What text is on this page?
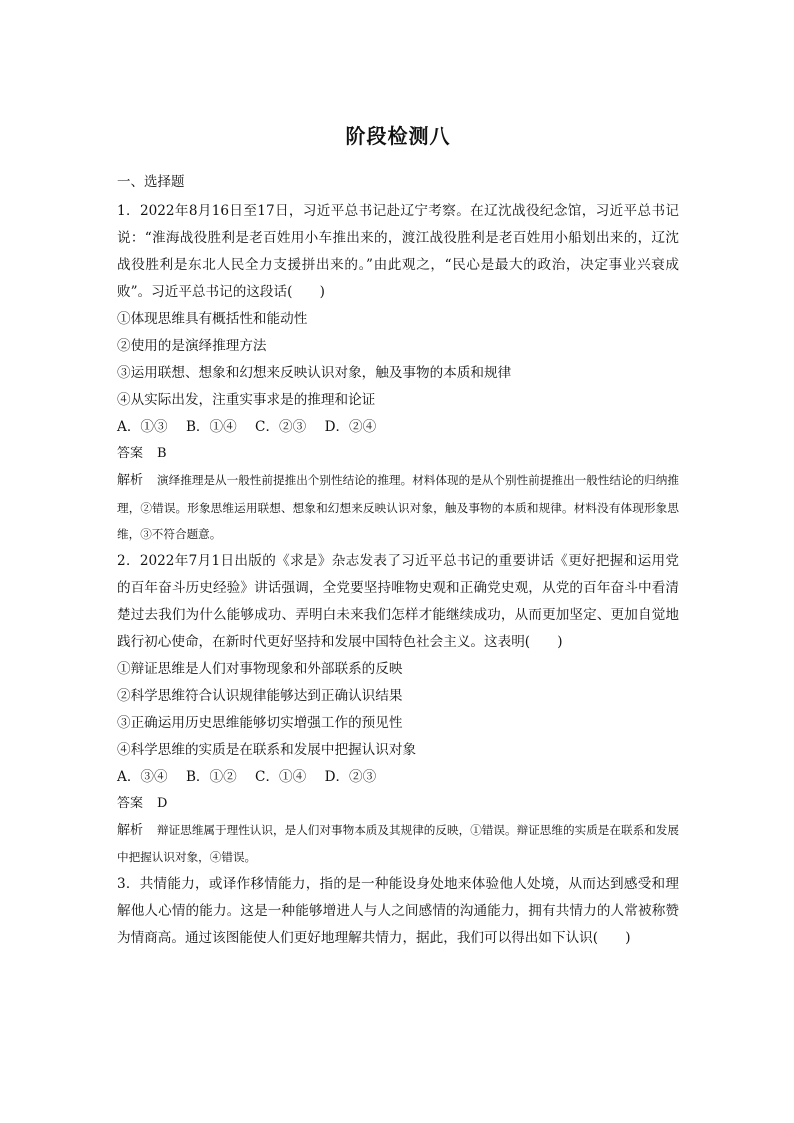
阶段检测八
一、选择题

1．2022年8月16日至17日，习近平总书记赴辽宁考察。在辽沈战役纪念馆，习近平总书记说：“淮海战役胜利是老百姓用小车推出来的，渡江战役胜利是老百姓用小船划出来的，辽沈战役胜利是东北人民全力支援拼出来的。”由此观之，“民心是最大的政治，决定事业兴衰成败”。习近平总书记的这段话(　　)

①体现思维具有概括性和能动性

②使用的是演绎推理方法

③运用联想、想象和幻想来反映认识对象，触及事物的本质和规律

④从实际出发，注重实事求是的推理和论证

A．①③ B．①④ C．②③ D．②④

答案 B

解析 演绎推理是从一般性前提推出个别性结论的推理。材料体现的是从个别性前提推出一般性结论的归纳推理，②错误。形象思维运用联想、想象和幻想来反映认识对象，触及事物的本质和规律。材料没有体现形象思维，③不符合题意。

2．2022年7月1日出版的《求是》杂志发表了习近平总书记的重要讲话《更好把握和运用党的百年奋斗历史经验》讲话强调，全党要坚持唯物史观和正确党史观，从党的百年奋斗中看清楚过去我们为什么能够成功、弄明白未来我们怎样才能继续成功，从而更加坚定、更加自觉地践行初心使命，在新时代更好坚持和发展中国特色社会主义。这表明(　　)

①辩证思维是人们对事物现象和外部联系的反映

②科学思维符合认识规律能够达到正确认识结果

③正确运用历史思维能够切实增强工作的预见性

④科学思维的实质是在联系和发展中把握认识对象

A．③④ B．①② C．①④ D．②③

答案 D

解析 辩证思维属于理性认识，是人们对事物本质及其规律的反映，①错误。辩证思维的实质是在联系和发展中把握认识对象，④错误。

3．共情能力，或译作移情能力，指的是一种能设身处地来体验他人处境，从而达到感受和理解他人心情的能力。这是一种能够增进人与人之间感情的沟通能力，拥有共情力的人常被称赞为情商高。通过该图能使人们更好地理解共情力，据此，我们可以得出如下认识(　　)
